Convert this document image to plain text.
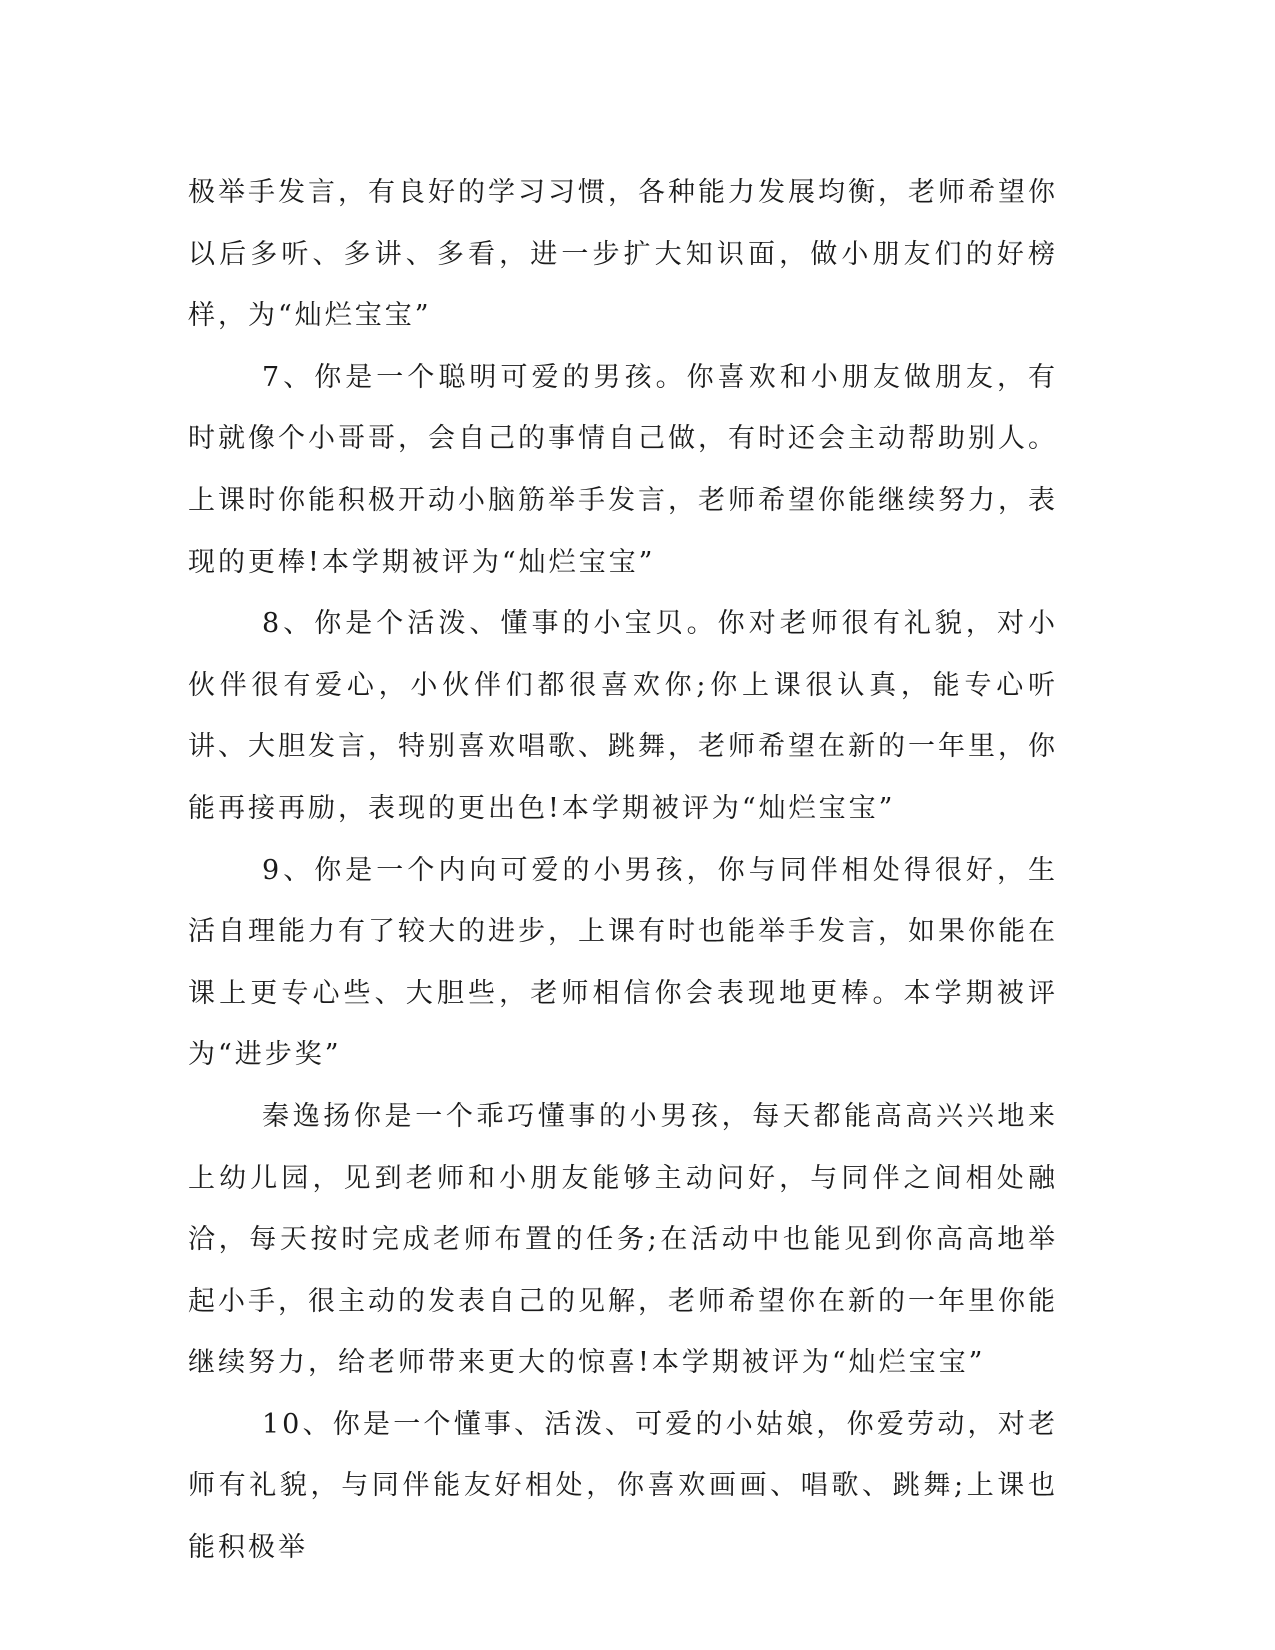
极举手发言，有良好的学习习惯，各种能力发展均衡，老师希望你以后多听、多讲、多看，进一步扩大知识面，做小朋友们的好榜样，为“灿烂宝宝”

7、你是一个聪明可爱的男孩。你喜欢和小朋友做朋友，有时就像个小哥哥，会自己的事情自己做，有时还会主动帮助别人。上课时你能积极开动小脑筋举手发言，老师希望你能继续努力，表现的更棒!本学期被评为“灿烂宝宝”

8、你是个活泼、懂事的小宝贝。你对老师很有礼貌，对小伙伴很有爱心，小伙伴们都很喜欢你;你上课很认真，能专心听讲、大胆发言，特别喜欢唱歌、跳舞，老师希望在新的一年里，你能再接再励，表现的更出色!本学期被评为“灿烂宝宝”

9、你是一个内向可爱的小男孩，你与同伴相处得很好，生活自理能力有了较大的进步，上课有时也能举手发言，如果你能在课上更专心些、大胆些，老师相信你会表现地更棒。本学期被评为“进步奖”

秦逸扬你是一个乖巧懂事的小男孩，每天都能高高兴兴地来上幼儿园，见到老师和小朋友能够主动问好，与同伴之间相处融洽，每天按时完成老师布置的任务;在活动中也能见到你高高地举起小手，很主动的发表自己的见解，老师希望你在新的一年里你能继续努力，给老师带来更大的惊喜!本学期被评为“灿烂宝宝”

10、你是一个懂事、活泼、可爱的小姑娘，你爱劳动，对老师有礼貌，与同伴能友好相处，你喜欢画画、唱歌、跳舞;上课也能积极举
